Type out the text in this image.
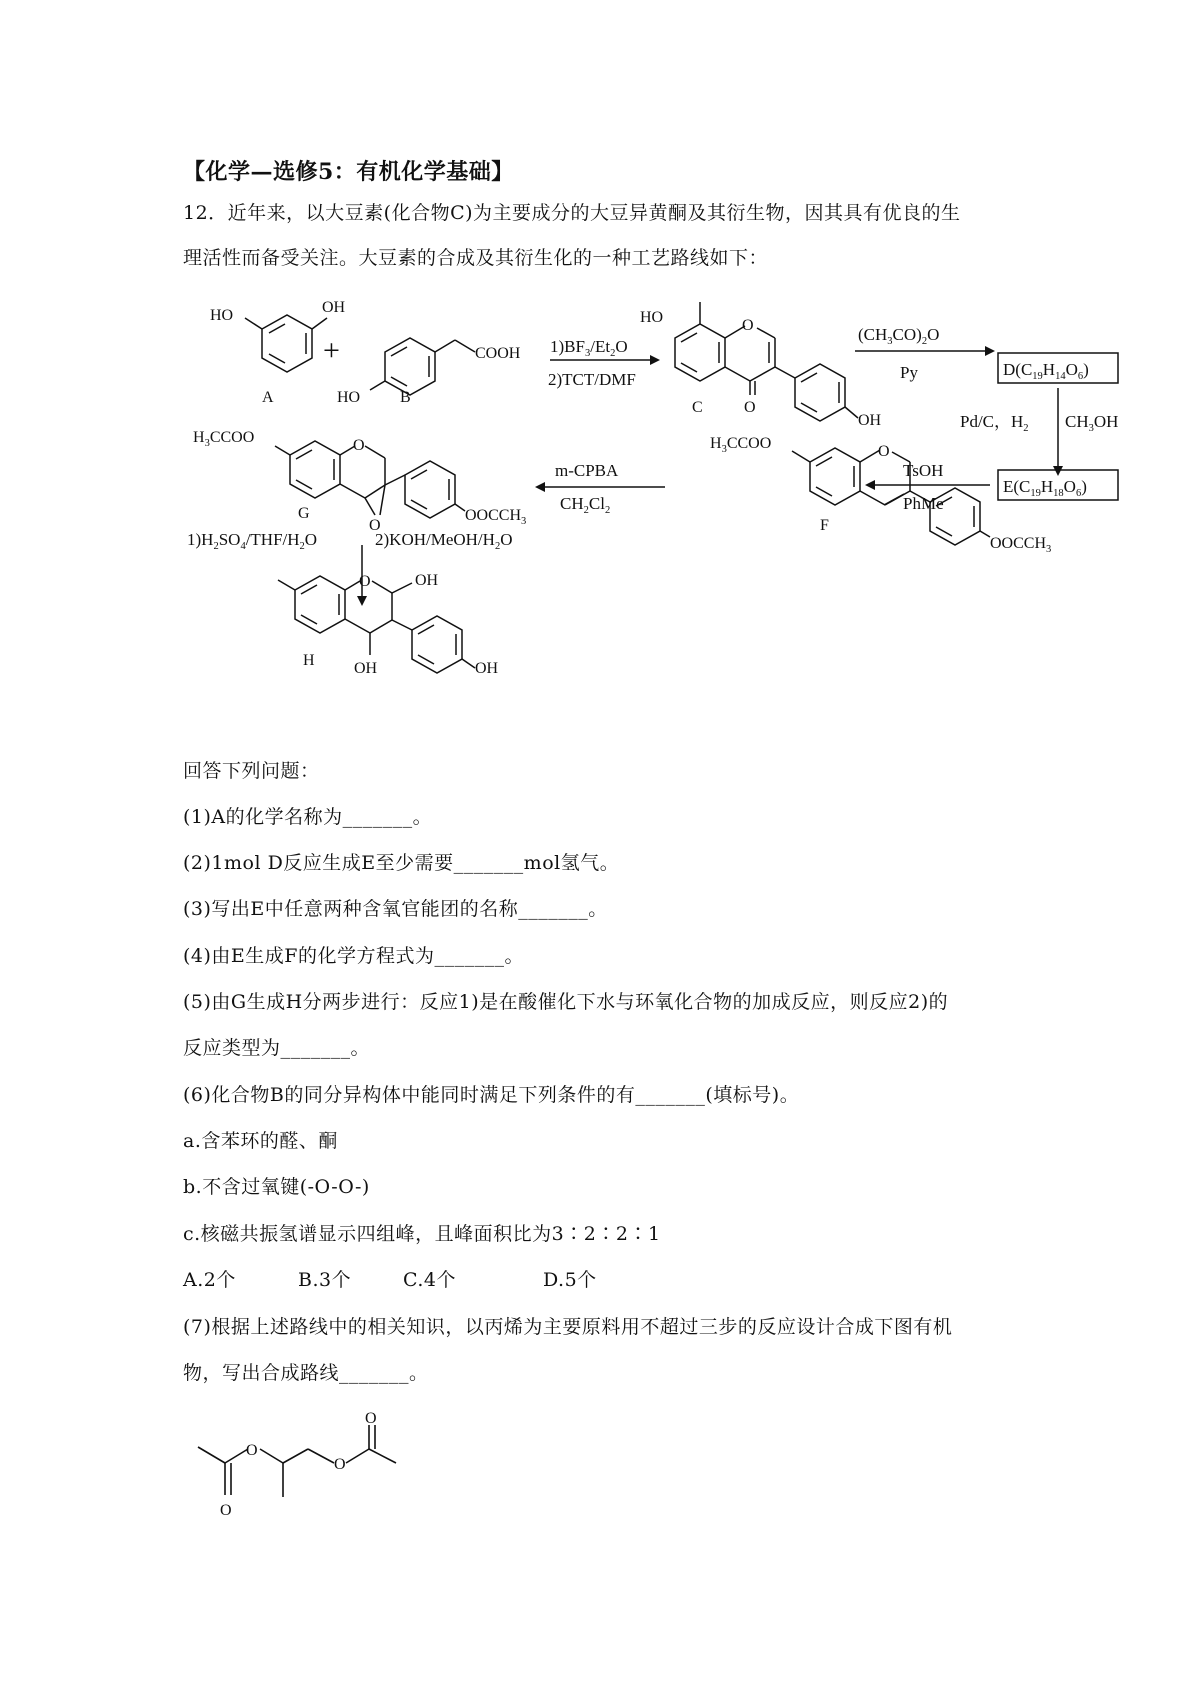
【化学—选修5：有机化学基础】
12．近年来，以大豆素(化合物C)为主要成分的大豆异黄酮及其衍生物，因其具有优良的生
理活性而备受关注。大豆素的合成及其衍生化的一种工艺路线如下：
HO	OH
A
+
HO
COOH
B
$1)BF_3/Et_2O$
2)TCT/DMF
HO	O
O
OH
C
$(CH_3CO)_2O$
Py	$D(C_{19}H_{14}O_6)$
Pd/C，$H_2$ $CH_3OH$
$E(C_{19}H_{18}O_6)$
TsOH
PhMe
$H_3CCOO$	O
$OOCCH_3$
F
m-CPBA
$CH_2Cl_2$
$H_3CCOO$	O
O
$OOCCH_3$
G
$1)H_2SO_4/THF/H_2O$	$2)KOH/MeOH/H_2O$
O	OH
OH
OH
H
回答下列问题：
(1)A的化学名称为_______。
(2)1mol D反应生成E至少需要_______mol氢气。
(3)写出E中任意两种含氧官能团的名称_______。
(4)由E生成F的化学方程式为_______。
(5)由G生成H分两步进行：反应1)是在酸催化下水与环氧化合物的加成反应，则反应2)的
反应类型为_______。
(6)化合物B的同分异构体中能同时满足下列条件的有_______(填标号)。
a.含苯环的醛、酮
b.不含过氧键(-O-O-)
c.核磁共振氢谱显示四组峰，且峰面积比为3∶2∶2∶1
A.2个	B.3个	C.4个	D.5个
(7)根据上述路线中的相关知识，以丙烯为主要原料用不超过三步的反应设计合成下图有机
物，写出合成路线_______。
O
O
O
O
